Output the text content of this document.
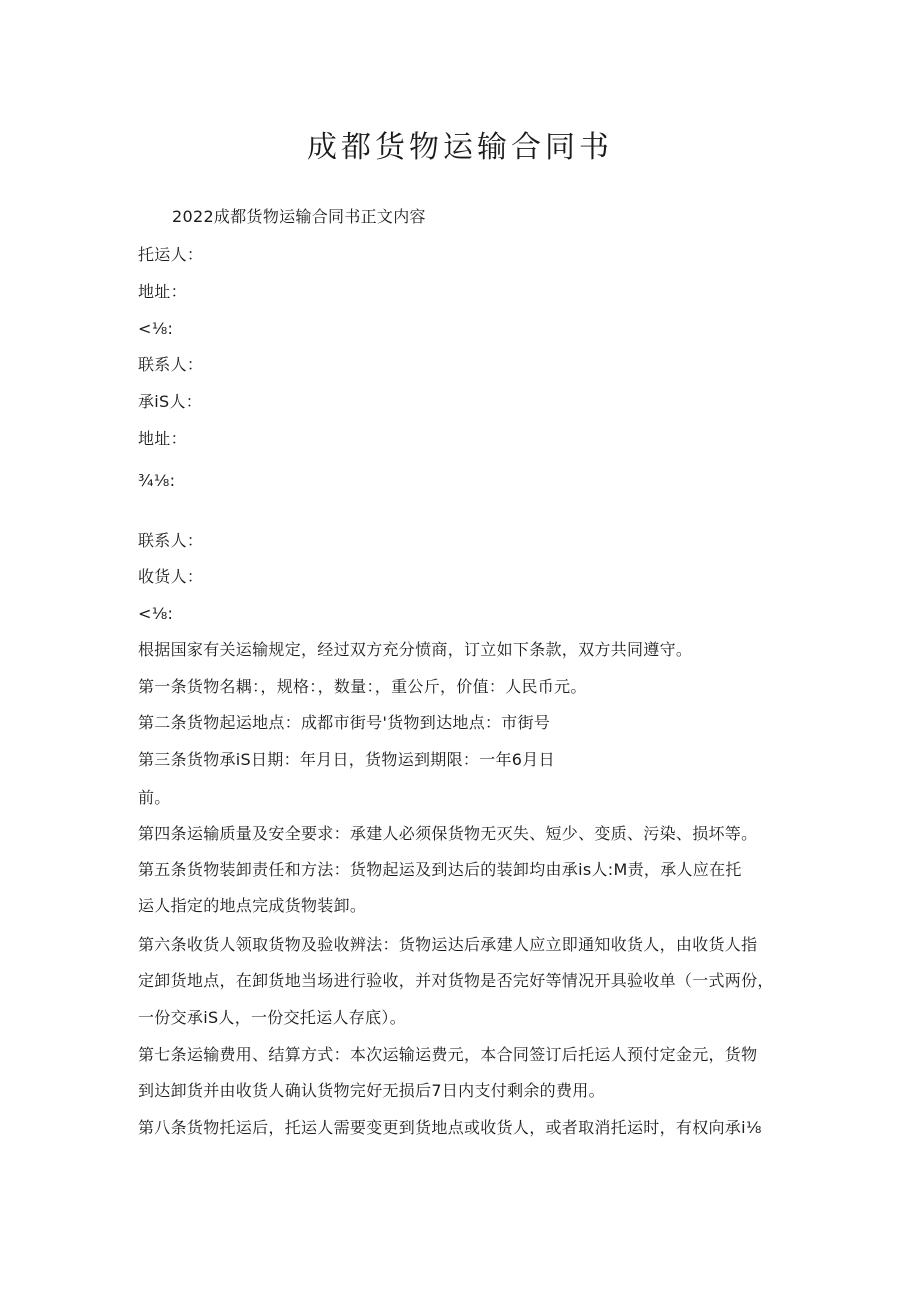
成都货物运输合同书
2022成都货物运输合同书正文内容
托运人：
地址：
<⅛:
联系人：
承iS人：
地址：
¾⅛:
联系人：
收货人：
<⅛:
根据国家有关运输规定，经过双方充分愤商，订立如下条款，双方共同遵守。
第一条货物名耦：，规格：，数量：，重公斤，价值：人民币元。
第二条货物起运地点：成都市街号'货物到达地点：市街号
第三条货物承iS日期：年月日，货物运到期限：一年6月日
前。
第四条运输质量及安全要求：承建人必须保货物无灭失、短少、变质、污染、损坏等。
第五条货物装卸责任和方法：货物起运及到达后的装卸均由承is人:M责，承人应在托
运人指定的地点完成货物装卸。
第六条收货人领取货物及验收辨法：货物运达后承建人应立即通知收货人，由收货人指
定卸货地点，在卸货地当场进行验收，并对货物是否完好等情况开具验收单（一式两份，
一份交承iS人，一份交托运人存底）。
第七条运输费用、结算方式：本次运输运费元，本合同签订后托运人预付定金元，货物
到达卸货并由收货人确认货物完好无损后7日内支付剩余的费用。
第八条货物托运后，托运人需要变更到货地点或收货人，或者取消托运时，有权向承i⅛
